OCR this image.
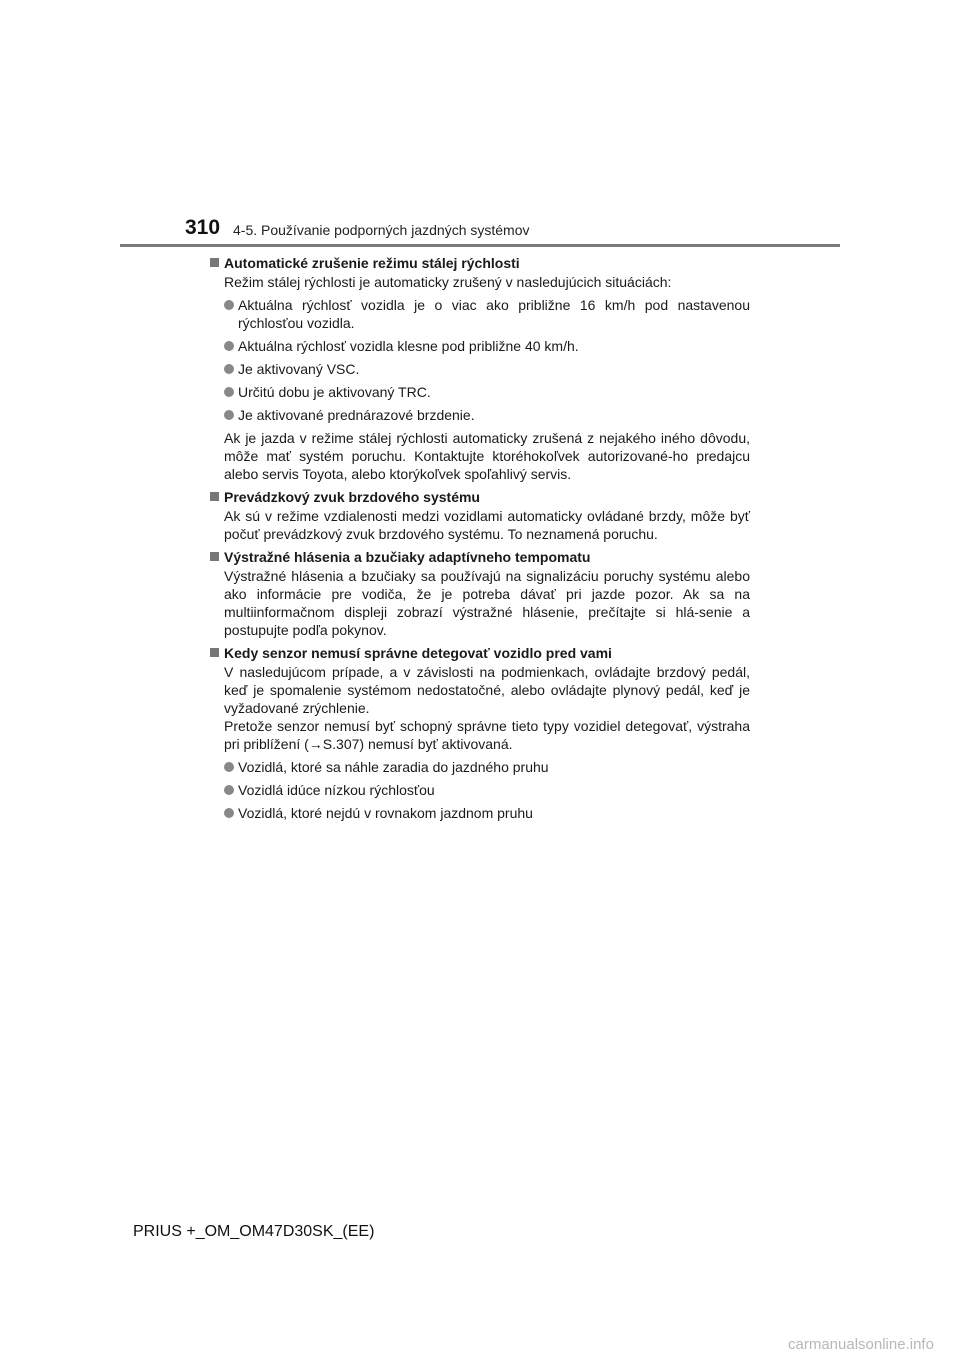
310 4-5. Používanie podporných jazdných systémov
Automatické zrušenie režimu stálej rýchlosti

Režim stálej rýchlosti je automaticky zrušený v nasledujúcich situáciách:

Aktuálna rýchlosť vozidla je o viac ako približne 16 km/h pod nastavenou rýchlosťou vozidla.
Aktuálna rýchlosť vozidla klesne pod približne 40 km/h.
Je aktivovaný VSC.
Určitú dobu je aktivovaný TRC.
Je aktivované prednárazové brzdenie.

Ak je jazda v režime stálej rýchlosti automaticky zrušená z nejakého iného dôvodu, môže mať systém poruchu. Kontaktujte ktoréhokoľvek autorizované-ho predajcu alebo servis Toyota, alebo ktorýkoľvek spoľahlivý servis.

Prevádzkový zvuk brzdového systému

Ak sú v režime vzdialenosti medzi vozidlami automaticky ovládané brzdy, môže byť počuť prevádzkový zvuk brzdového systému. To neznamená poruchu.

Výstražné hlásenia a bzučiaky adaptívneho tempomatu

Výstražné hlásenia a bzučiaky sa používajú na signalizáciu poruchy systému alebo ako informácie pre vodiča, že je potreba dávať pri jazde pozor. Ak sa na multiinformačnom displeji zobrazí výstražné hlásenie, prečítajte si hlá-senie a postupujte podľa pokynov.

Kedy senzor nemusí správne detegovať vozidlo pred vami

V nasledujúcom prípade, a v závislosti na podmienkach, ovládajte brzdový pedál, keď je spomalenie systémom nedostatočné, alebo ovládajte plynový pedál, keď je vyžadované zrýchlenie.

Pretože senzor nemusí byť schopný správne tieto typy vozidiel detegovať, výstraha pri priblížení (→S.307) nemusí byť aktivovaná.

Vozidlá, ktoré sa náhle zaradia do jazdného pruhu
Vozidlá idúce nízkou rýchlosťou
Vozidlá, ktoré nejdú v rovnakom jazdnom pruhu
PRIUS +_OM_OM47D30SK_(EE)
carmanualsonline.info
